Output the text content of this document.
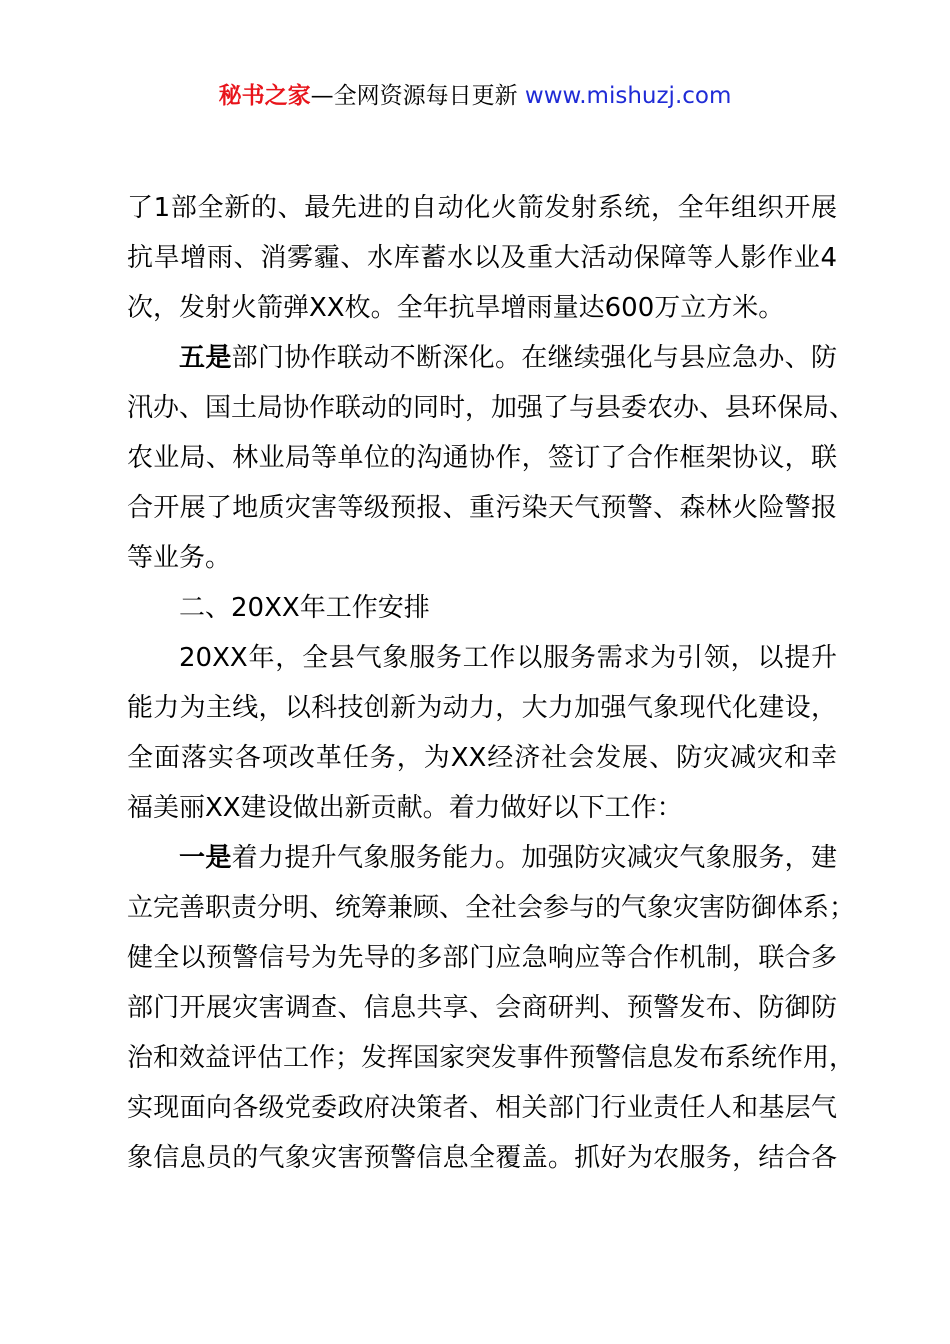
秘书之家—全网资源每日更新 www.mishuzj.com
了1部全新的、最先进的自动化火箭发射系统，全年组织开展
抗旱增雨、消雾霾、水库蓄水以及重大活动保障等人影作业4
次，发射火箭弹XX枚。全年抗旱增雨量达600万立方米。
五是部门协作联动不断深化。在继续强化与县应急办、防
汛办、国土局协作联动的同时，加强了与县委农办、县环保局、
农业局、林业局等单位的沟通协作，签订了合作框架协议，联
合开展了地质灾害等级预报、重污染天气预警、森林火险警报
等业务。
二、20XX年工作安排
20XX年，全县气象服务工作以服务需求为引领，以提升
能力为主线，以科技创新为动力，大力加强气象现代化建设，
全面落实各项改革任务，为XX经济社会发展、防灾减灾和幸
福美丽XX建设做出新贡献。着力做好以下工作：
一是着力提升气象服务能力。加强防灾减灾气象服务，建
立完善职责分明、统筹兼顾、全社会参与的气象灾害防御体系；
健全以预警信号为先导的多部门应急响应等合作机制，联合多
部门开展灾害调查、信息共享、会商研判、预警发布、防御防
治和效益评估工作；发挥国家突发事件预警信息发布系统作用，
实现面向各级党委政府决策者、相关部门行业责任人和基层气
象信息员的气象灾害预警信息全覆盖。抓好为农服务，结合各
